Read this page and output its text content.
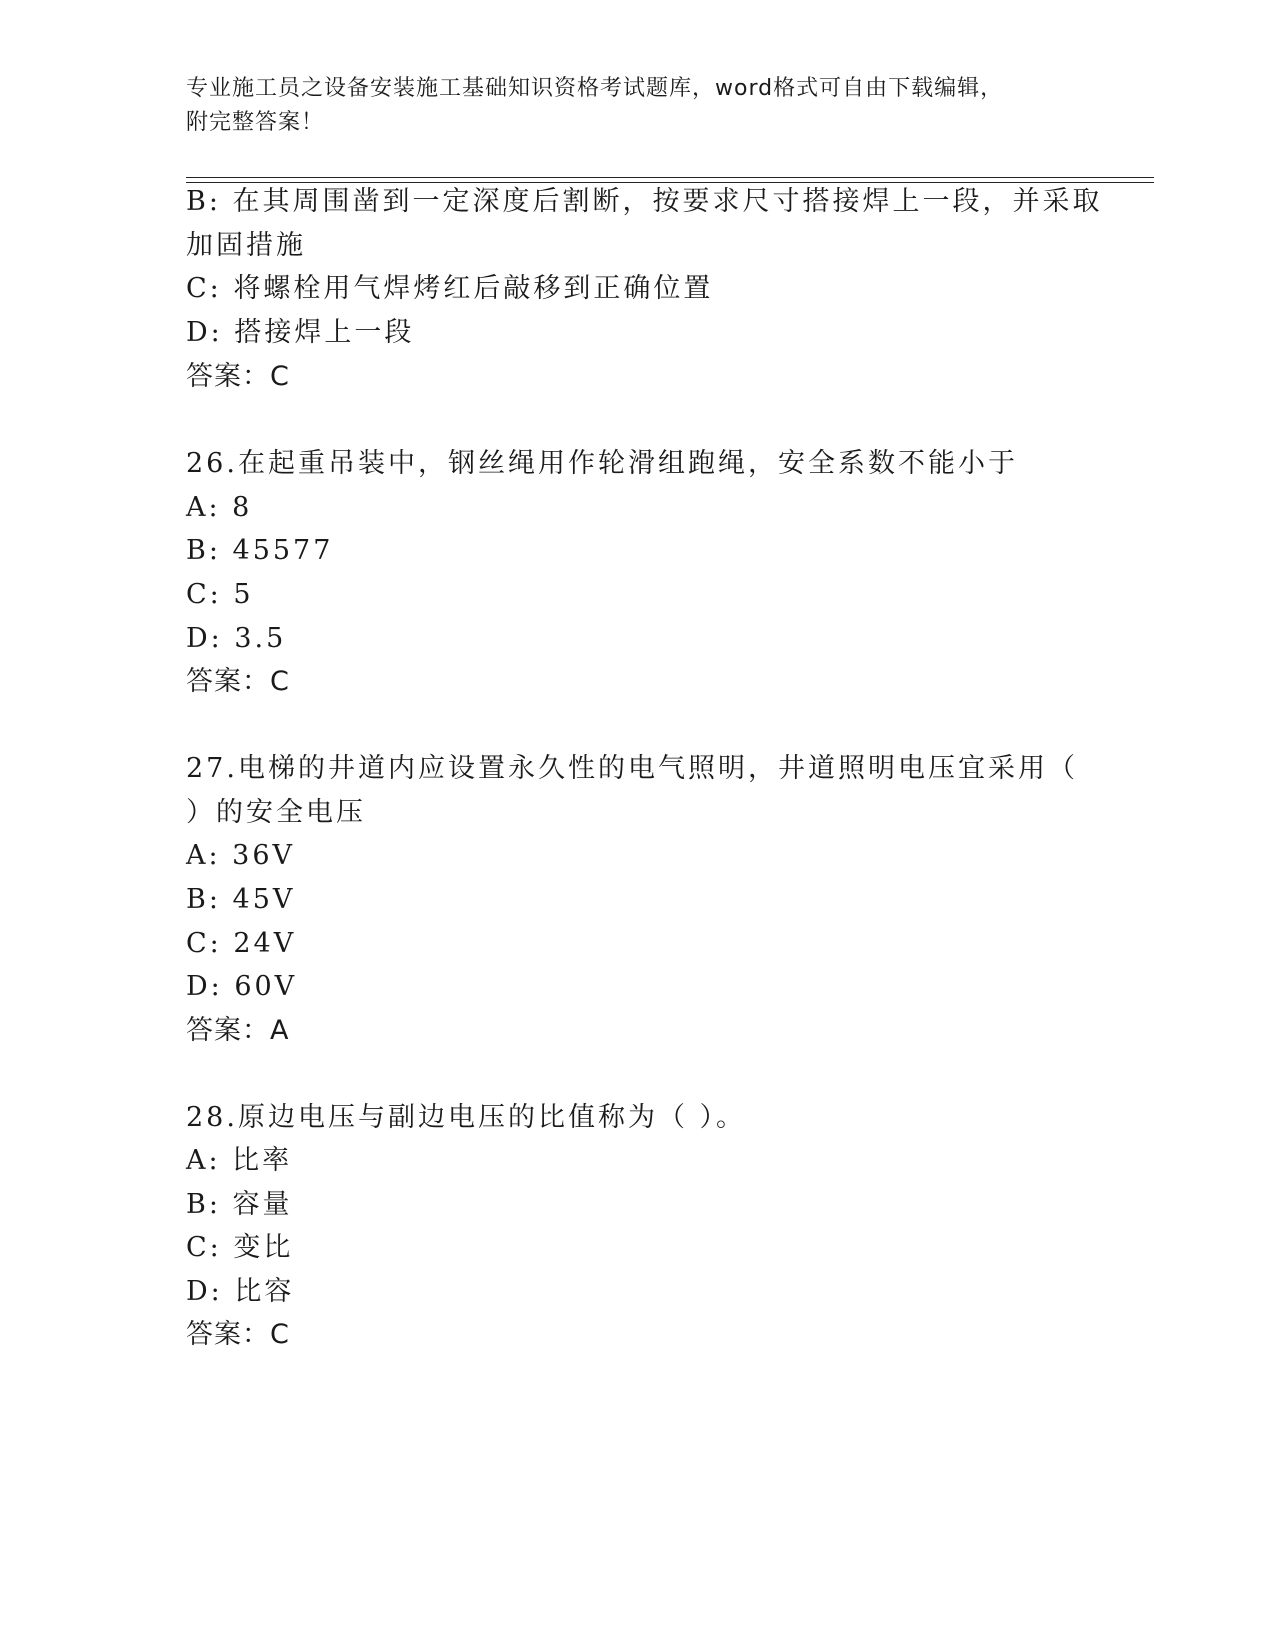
专业施工员之设备安装施工基础知识资格考试题库，word格式可自由下载编辑，
附完整答案！
B: 在其周围凿到一定深度后割断，按要求尺寸搭接焊上一段，并采取
加固措施
C: 将螺栓用气焊烤红后敲移到正确位置
D: 搭接焊上一段
答案：C
26.在起重吊装中，钢丝绳用作轮滑组跑绳，安全系数不能小于
A: 8
B: 45577
C: 5
D: 3.5
答案：C
27.电梯的井道内应设置永久性的电气照明，井道照明电压宜采用（
）的安全电压
A: 36V
B: 45V
C: 24V
D: 60V
答案：A
28.原边电压与副边电压的比值称为（ ）。
A: 比率
B: 容量
C: 变比
D: 比容
答案：C
